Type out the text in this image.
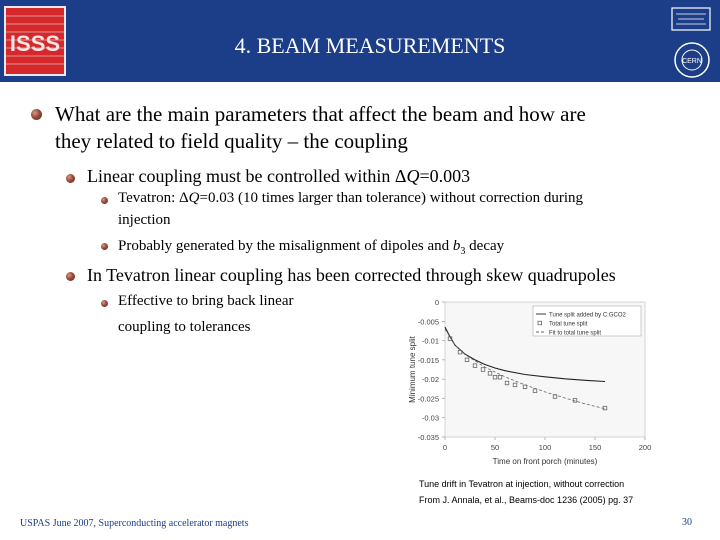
ISSS	4. BEAM MEASUREMENTS
CERN
What are the main parameters that affect the beam and how are
they related to field quality – the coupling
Linear coupling must be controlled within ΔQ=0.003
Tevatron: ΔQ=0.03 (10 times larger than tolerance) without correction during
injection
Probably generated by the misalignment of dipoles and $b_3$ decay
In Tevatron linear coupling has been corrected through skew quadrupoles
Effective to bring back linear
coupling to tolerances
Tune split added by C:GCO2
Total tune split
Fit to total tune split
0
-0.005
-0.01
-0.015
-0.02
-0.025
-0.03
-0.035
0	50	100	150	200
Time on front porch (minutes)
Minimum tune split
Tune drift in Tevatron at injection, without correction
From J. Annala, et al., Beams-doc 1236 (2005) pg. 37
USPAS June 2007, Superconducting accelerator magnets	30
